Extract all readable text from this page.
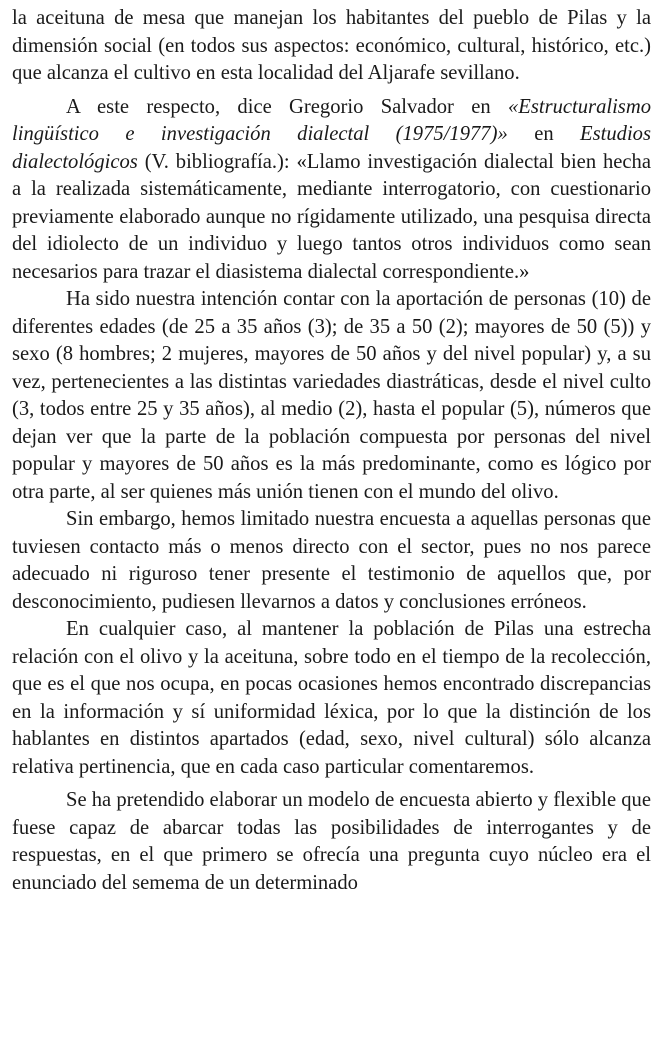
la aceituna de mesa que manejan los habitantes del pueblo de Pilas y la dimensión social (en todos sus aspectos: económico, cultural, histórico, etc.) que alcanza el cultivo en esta localidad del Aljarafe sevillano.

A este respecto, dice Gregorio Salvador en «Estructuralismo lingüístico e investigación dialectal (1975/1977)» en Estudios dialectológicos (V. bibliografía.): «Llamo investigación dialectal bien hecha a la realizada sistemáticamente, mediante interrogatorio, con cuestionario previamente elaborado aunque no rígidamente utilizado, una pesquisa directa del idiolecto de un individuo y luego tantos otros individuos como sean necesarios para trazar el diasistema dialectal correspondiente.»

Ha sido nuestra intención contar con la aportación de personas (10) de diferentes edades (de 25 a 35 años (3); de 35 a 50 (2); mayores de 50 (5)) y sexo (8 hombres; 2 mujeres, mayores de 50 años y del nivel popular) y, a su vez, pertenecientes a las distintas variedades diastráticas, desde el nivel culto (3, todos entre 25 y 35 años), al medio (2), hasta el popular (5), números que dejan ver que la parte de la población compuesta por personas del nivel popular y mayores de 50 años es la más predominante, como es lógico por otra parte, al ser quienes más unión tienen con el mundo del olivo.

Sin embargo, hemos limitado nuestra encuesta a aquellas personas que tuviesen contacto más o menos directo con el sector, pues no nos parece adecuado ni riguroso tener presente el testimonio de aquellos que, por desconocimiento, pudiesen llevarnos a datos y conclusiones erróneos.

En cualquier caso, al mantener la población de Pilas una estrecha relación con el olivo y la aceituna, sobre todo en el tiempo de la recolección, que es el que nos ocupa, en pocas ocasiones hemos encontrado discrepancias en la información y sí uniformidad léxica, por lo que la distinción de los hablantes en distintos apartados (edad, sexo, nivel cultural) sólo alcanza relativa pertinencia, que en cada caso particular comentaremos.

Se ha pretendido elaborar un modelo de encuesta abierto y flexible que fuese capaz de abarcar todas las posibilidades de interrogantes y de respuestas, en el que primero se ofrecía una pregunta cuyo núcleo era el enunciado del semema de un determinado
